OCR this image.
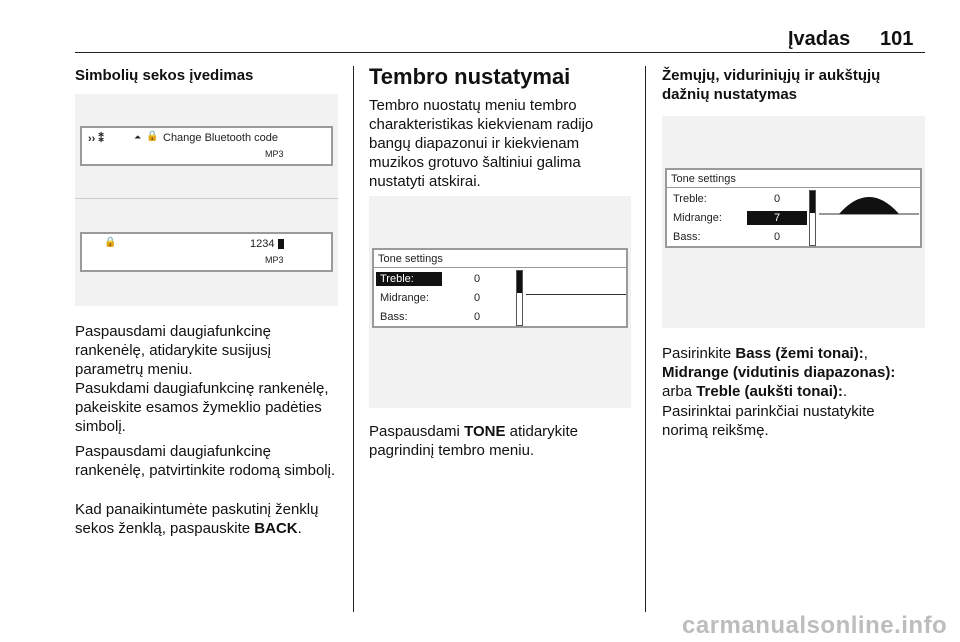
Įvadas 101
Simbolių sekos įvedimas
›› ⁑	⏶ 🔒 Change Bluetooth code
MP3
🔒	1234
MP3

Paspausdami daugiafunkcinę rankenėlę, atidarykite susijusį parametrų meniu.

Pasukdami daugiafunkcinę rankenėlę, pakeiskite esamos žymeklio padėties simbolį.

Paspausdami daugiafunkcinę rankenėlę, patvirtinkite rodomą simbolį.

Kad panaikintumėte paskutinį ženklų sekos ženklą, paspauskite BACK.

Tembro nustatymai

Tembro nuostatų meniu tembro charakteristikas kiekvienam radijo bangų diapazonui ir kiekvienam muzikos grotuvo šaltiniui galima nustatyti atskirai.

Tone settings
Treble:	0
Midrange:	0
Bass:	0

Paspausdami TONE atidarykite pagrindinį tembro meniu.

Žemųjų, viduriniųjų ir aukštųjų dažnių nustatymas
Tone settings
Treble:	0
Midrange:	7
Bass:	0

Pasirinkite Bass (žemi tonai):,
Midrange (vidutinis diapazonas):
arba Treble (aukšti tonai):.

Pasirinktai parinkčiai nustatykite norimą reikšmę.

carmanualsonline.info
